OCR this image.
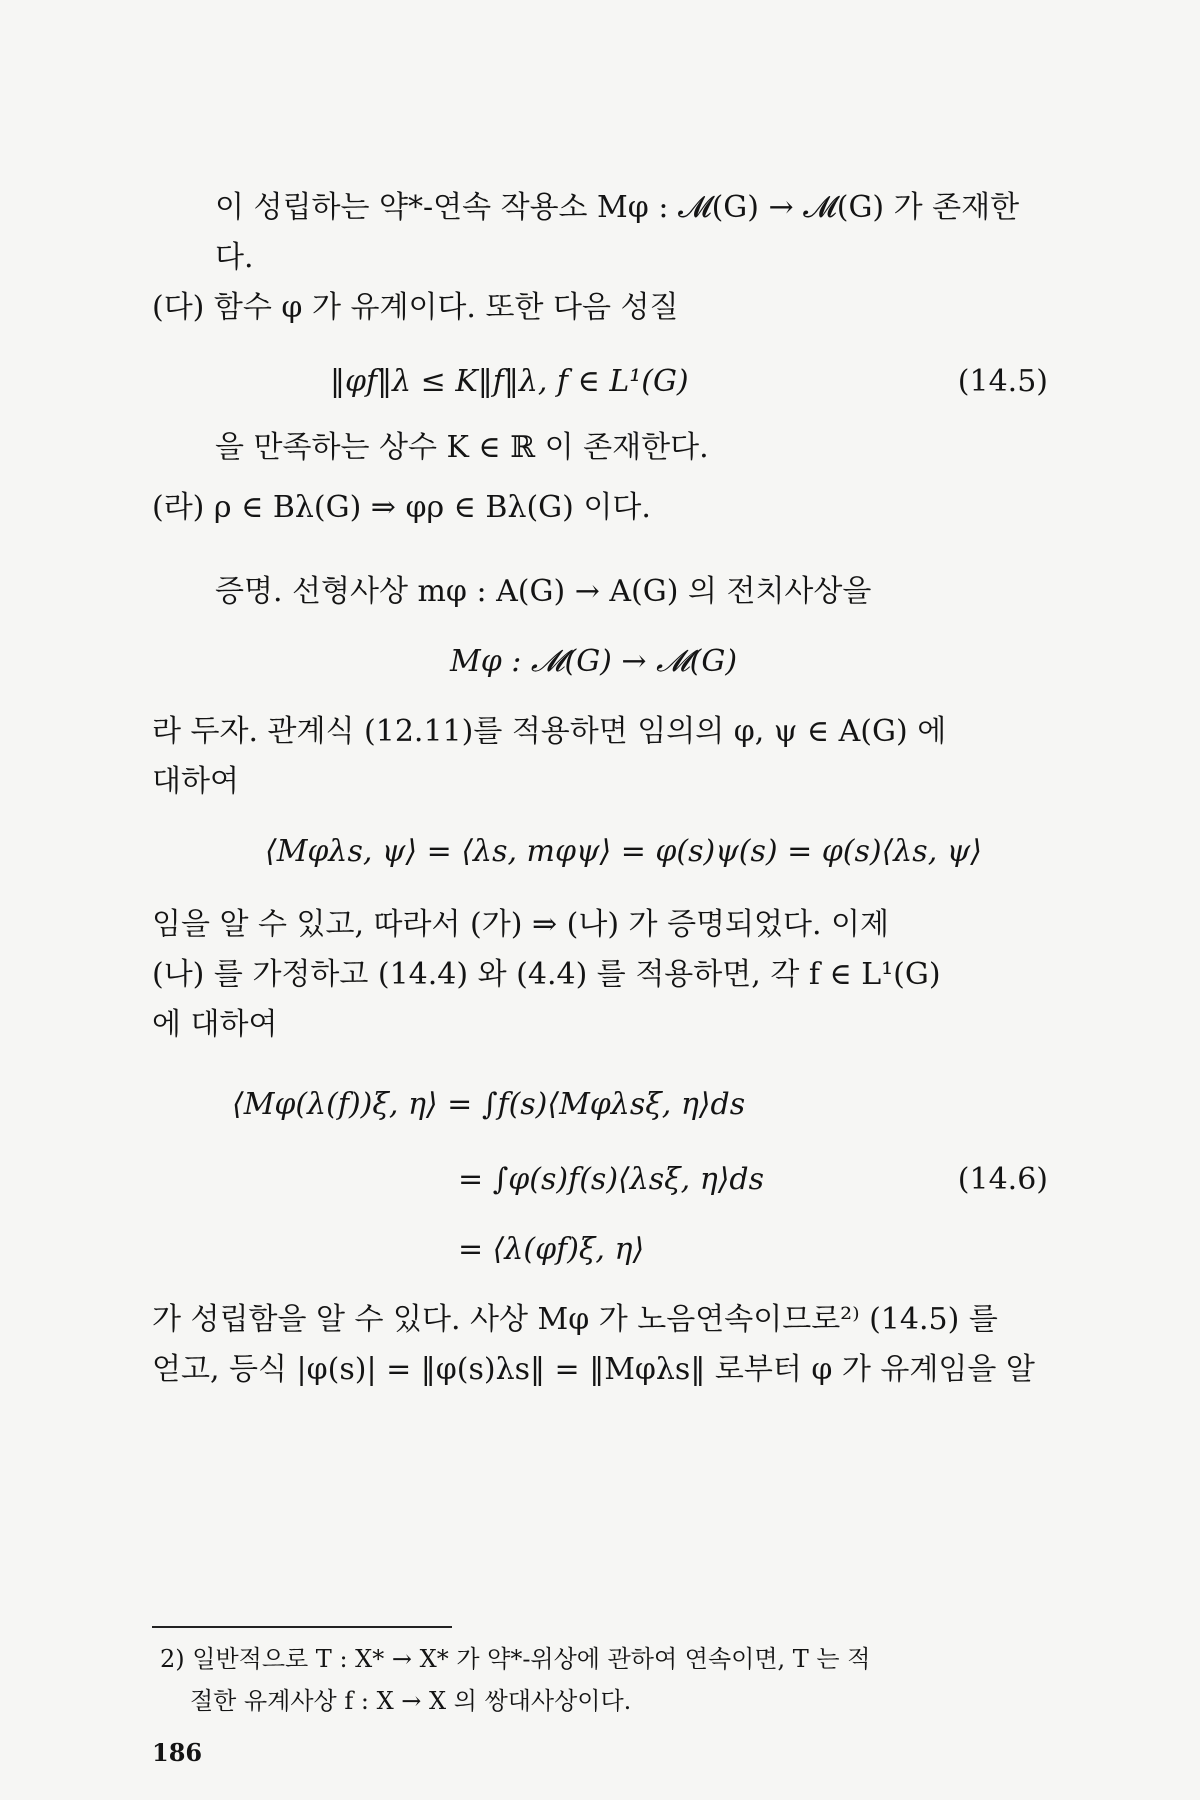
이 성립하는 약*-연속 작용소 Mφ : 𝓜(G) → 𝓜(G) 가 존재한
다.
(다) 함수 φ 가 유계이다. 또한 다음 성질
‖φf‖λ ≤ K‖f‖λ, f ∈ L¹(G)	(14.5)
을 만족하는 상수 K ∈ ℝ 이 존재한다.
(라) ρ ∈ Bλ(G) ⇒ φρ ∈ Bλ(G) 이다.
증명. 선형사상 mφ : A(G) → A(G) 의 전치사상을
Mφ : 𝓜(G) → 𝓜(G)
라 두자. 관계식 (12.11)를 적용하면 임의의 φ, ψ ∈ A(G) 에
대하여
⟨Mφλs, ψ⟩ = ⟨λs, mφψ⟩ = φ(s)ψ(s) = φ(s)⟨λs, ψ⟩
임을 알 수 있고, 따라서 (가) ⇒ (나) 가 증명되었다. 이제
(나) 를 가정하고 (14.4) 와 (4.4) 를 적용하면, 각 f ∈ L¹(G)
에 대하여
⟨Mφ(λ(f))ξ, η⟩ = ∫f(s)⟨Mφλsξ, η⟩ds
= ∫φ(s)f(s)⟨λsξ, η⟩ds	(14.6)
= ⟨λ(φf)ξ, η⟩
가 성립함을 알 수 있다. 사상 Mφ 가 노음연속이므로²⁾ (14.5) 를
얻고, 등식 |φ(s)| = ‖φ(s)λs‖ = ‖Mφλs‖ 로부터 φ 가 유계임을 알
2) 일반적으로 T : X* → X* 가 약*-위상에 관하여 연속이면, T 는 적
절한 유계사상 f : X → X 의 쌍대사상이다.
186
